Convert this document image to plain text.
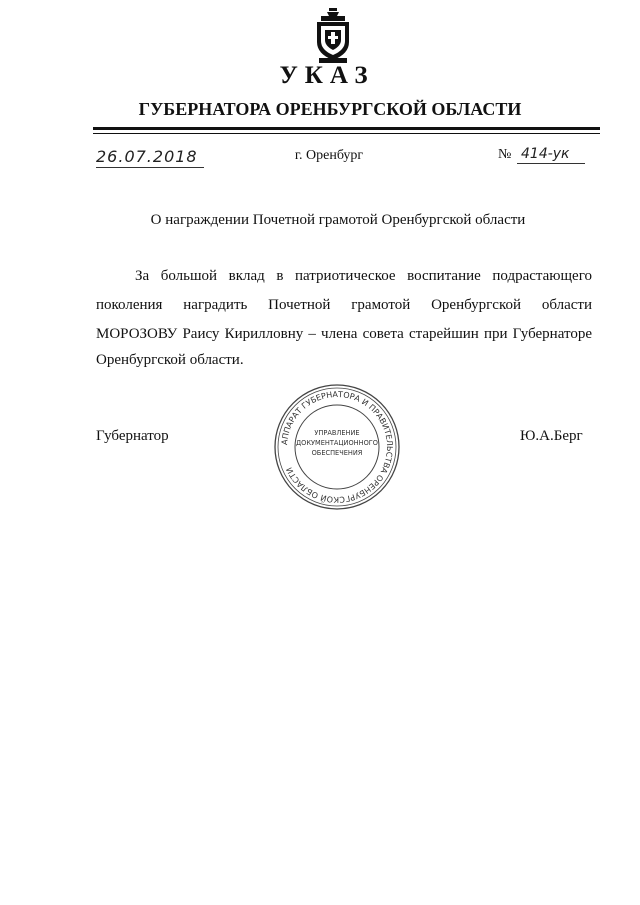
УКАЗ
ГУБЕРНАТОРА ОРЕНБУРГСКОЙ ОБЛАСТИ
26.07.2018	г. Оренбург	№ 414-ук
О награждении Почетной грамотой Оренбургской области
За большой вклад в патриотическое воспитание подрастающего
поколения наградить Почетной грамотой Оренбургской области
МОРОЗОВУ Раису Кирилловну – члена совета старейшин при Губернаторе
Оренбургской области.
Губернатор	Ю.А.Берг
АППАРАТ ГУБЕРНАТОРА И ПРАВИТЕЛЬСТВА ОРЕНБУРГСКОЙ ОБЛАСТИ
УПРАВЛЕНИЕ
ДОКУМЕНТАЦИОННОГО
ОБЕСПЕЧЕНИЯ
